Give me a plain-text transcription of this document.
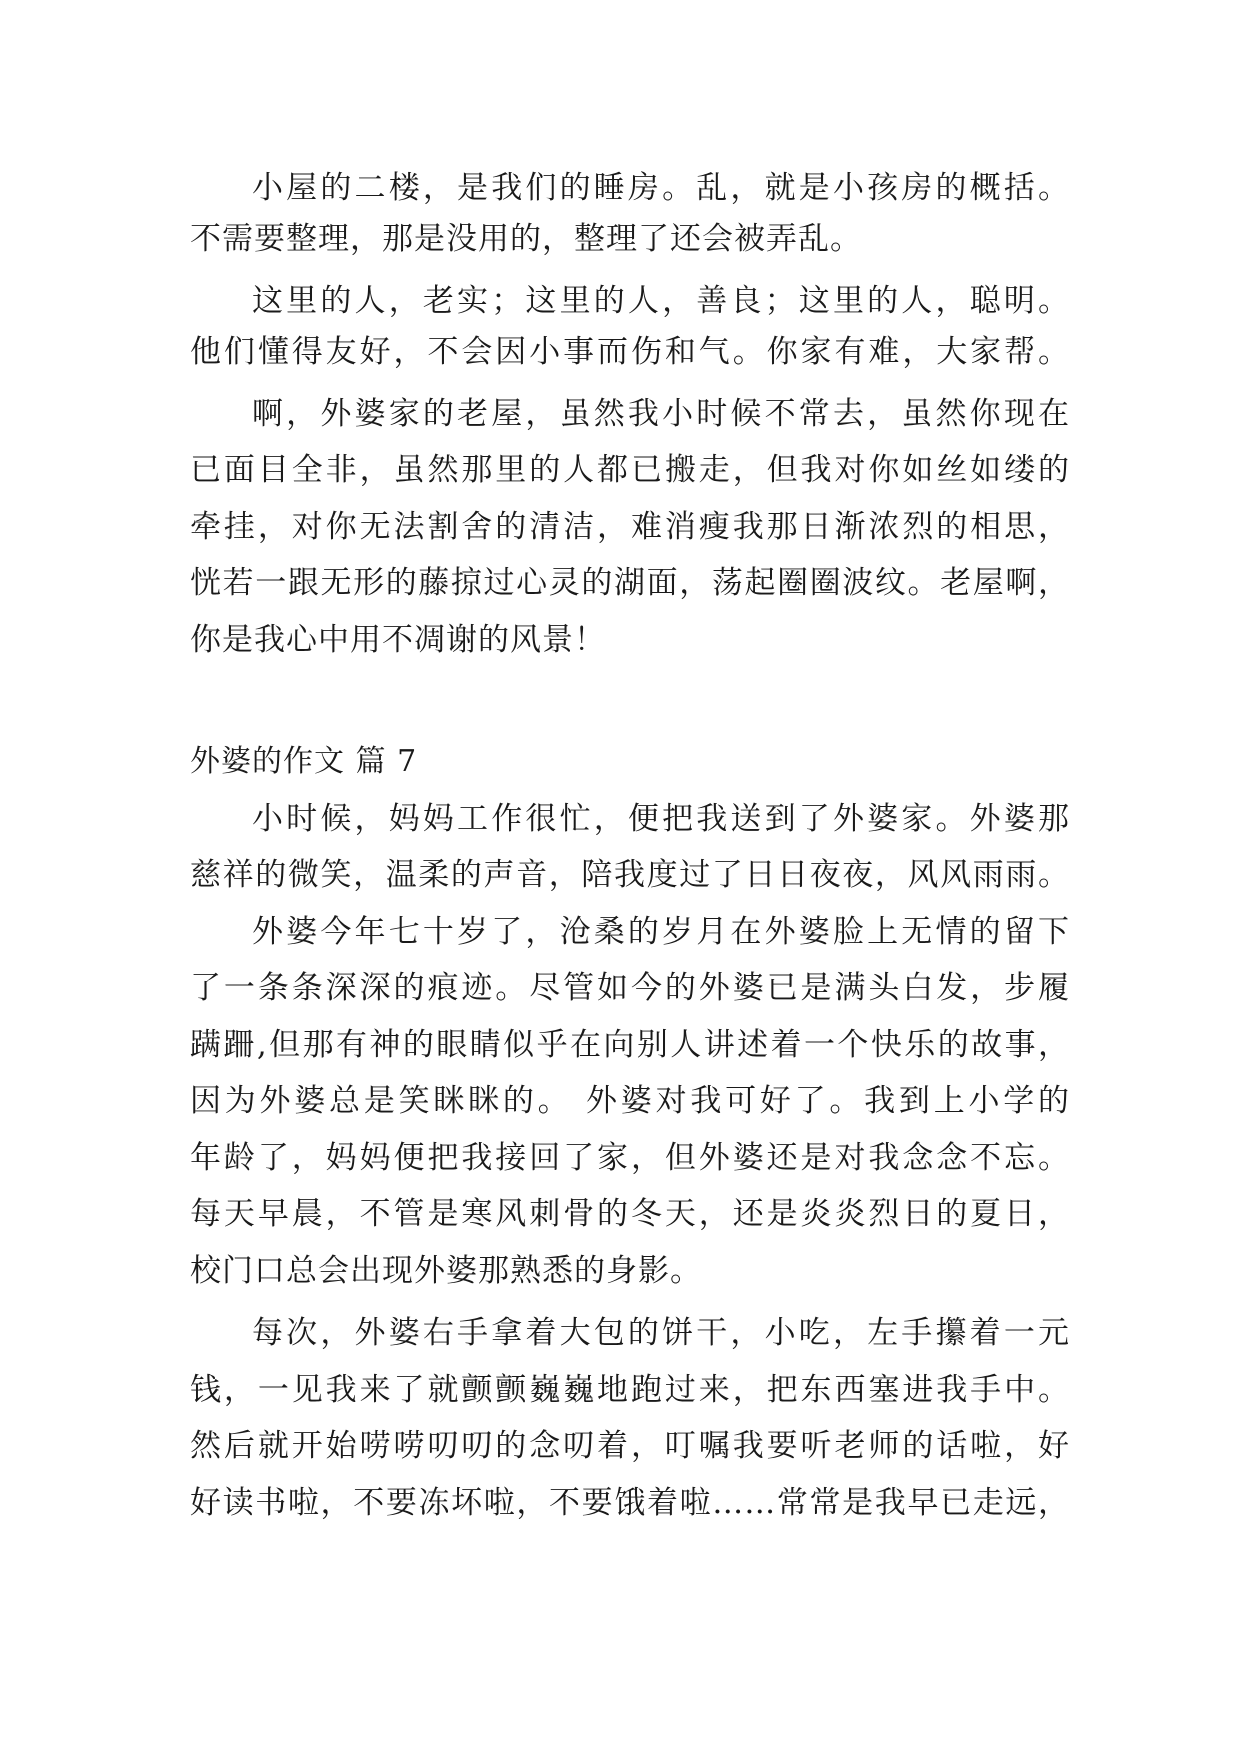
小屋的二楼，是我们的睡房。乱，就是小孩房的概括。
不需要整理，那是没用的，整理了还会被弄乱。
这里的人，老实；这里的人，善良；这里的人，聪明。
他们懂得友好，不会因小事而伤和气。你家有难，大家帮。
啊，外婆家的老屋，虽然我小时候不常去，虽然你现在
已面目全非，虽然那里的人都已搬走，但我对你如丝如缕的
牵挂，对你无法割舍的清洁，难消瘦我那日渐浓烈的相思，
恍若一跟无形的藤掠过心灵的湖面，荡起圈圈波纹。老屋啊，
你是我心中用不凋谢的风景！
外婆的作文 篇 7
小时候，妈妈工作很忙，便把我送到了外婆家。外婆那
慈祥的微笑，温柔的声音，陪我度过了日日夜夜，风风雨雨。
外婆今年七十岁了，沧桑的岁月在外婆脸上无情的留下
了一条条深深的痕迹。尽管如今的外婆已是满头白发，步履
蹒跚,但那有神的眼睛似乎在向别人讲述着一个快乐的故事，
因为外婆总是笑眯眯的。 外婆对我可好了。我到上小学的
年龄了，妈妈便把我接回了家，但外婆还是对我念念不忘。
每天早晨，不管是寒风刺骨的冬天，还是炎炎烈日的夏日，
校门口总会出现外婆那熟悉的身影。
每次，外婆右手拿着大包的饼干，小吃，左手攥着一元
钱，一见我来了就颤颤巍巍地跑过来，把东西塞进我手中。
然后就开始唠唠叨叨的念叨着，叮嘱我要听老师的话啦，好
好读书啦，不要冻坏啦，不要饿着啦……常常是我早已走远，
